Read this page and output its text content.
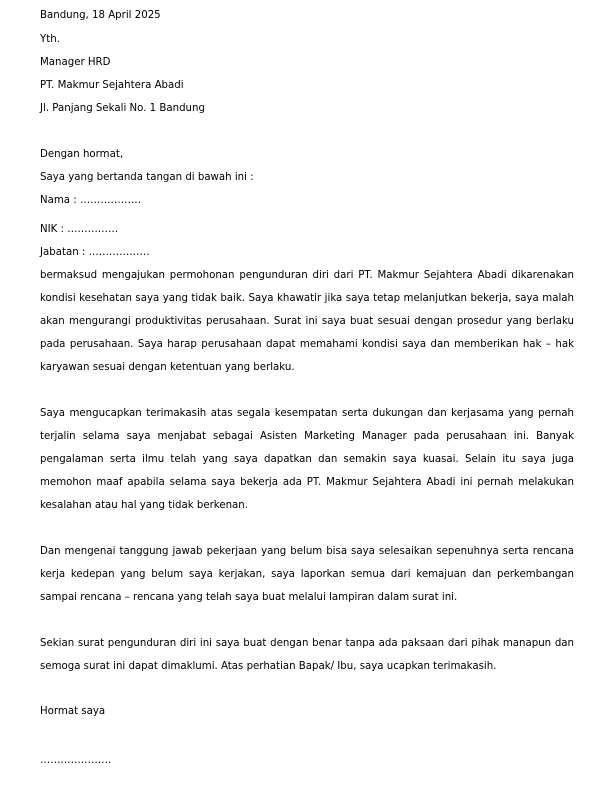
Bandung, 18 April 2025
Yth.
Manager HRD
PT. Makmur Sejahtera Abadi
Jl. Panjang Sekali No. 1 Bandung
Dengan hormat,
Saya yang bertanda tangan di bawah ini :
Nama : ………………
NIK : ……………
Jabatan : ………………

bermaksud mengajukan permohonan pengunduran diri dari PT. Makmur Sejahtera Abadi dikarenakan kondisi kesehatan saya yang tidak baik. Saya khawatir jika saya tetap melanjutkan bekerja, saya malah akan mengurangi produktivitas perusahaan. Surat ini saya buat sesuai dengan prosedur yang berlaku pada perusahaan. Saya harap perusahaan dapat memahami kondisi saya dan memberikan hak – hak karyawan sesuai dengan ketentuan yang berlaku.

Saya mengucapkan terimakasih atas segala kesempatan serta dukungan dan kerjasama yang pernah terjalin selama saya menjabat sebagai Asisten Marketing Manager pada perusahaan ini. Banyak pengalaman serta ilmu telah yang saya dapatkan dan semakin saya kuasai. Selain itu saya juga memohon maaf apabila selama saya bekerja ada PT. Makmur Sejahtera Abadi ini pernah melakukan kesalahan atau hal yang tidak berkenan.

Dan mengenai tanggung jawab pekerjaan yang belum bisa saya selesaikan sepenuhnya serta rencana kerja kedepan yang belum saya kerjakan, saya laporkan semua dari kemajuan dan perkembangan sampai rencana – rencana yang telah saya buat melalui lampiran dalam surat ini.

Sekian surat pengunduran diri ini saya buat dengan benar tanpa ada paksaan dari pihak manapun dan semoga surat ini dapat dimaklumi. Atas perhatian Bapak/ Ibu, saya ucapkan terimakasih.

Hormat saya
…………………
